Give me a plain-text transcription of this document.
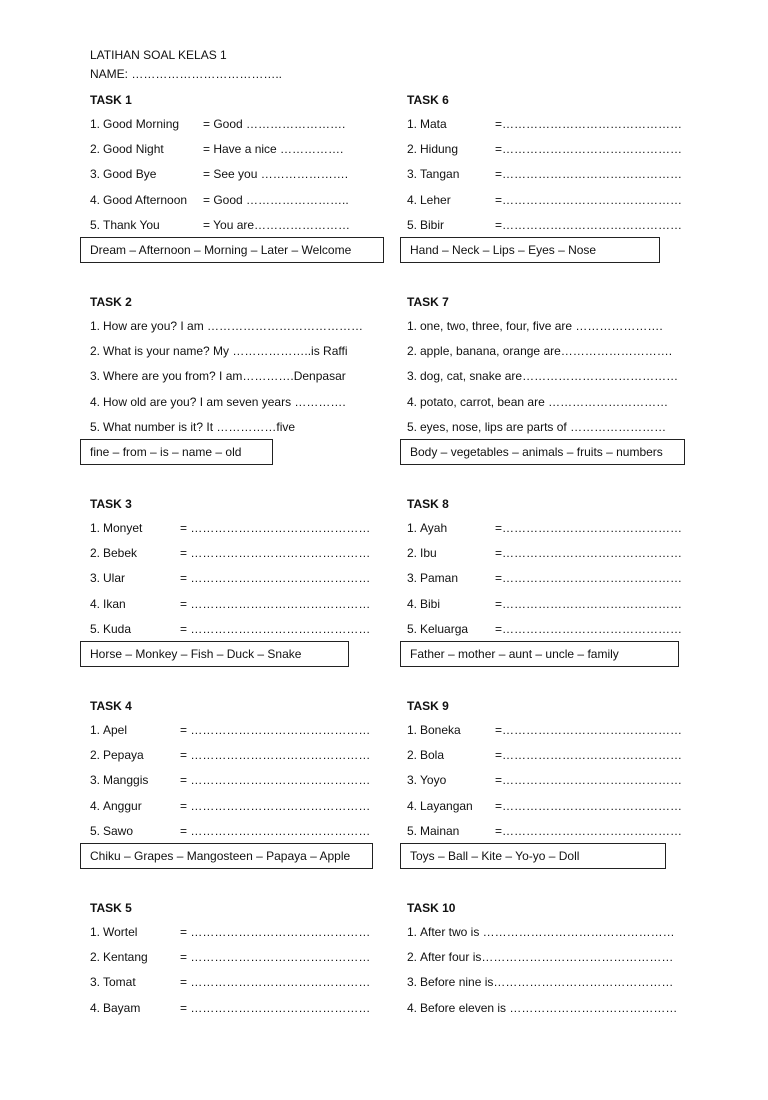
LATIHAN SOAL KELAS 1
NAME: ………………………………..
TASK 1
1. Good Morning = Good …………………….
2. Good Night	= Have a nice …………….
3. Good Bye	= See you ………………….
4. Good Afternoon = Good ……………………..
5. Thank You	= You are……………………
Dream – Afternoon – Morning – Later – Welcome
TASK 2
1. How are you? I am …………………………………
2. What is your name? My ………………..is Raffi
3. Where are you from? I am………….Denpasar
4. How old are you? I am seven years ………….
5. What number is it? It ……………five
fine – from – is – name – old
TASK 3
1. Monyet	= ………………………………………
2. Bebek	= ………………………………………
3. Ular	= ………………………………………
4. Ikan	= ………………………………………
5. Kuda	= ………………………………………
Horse – Monkey – Fish – Duck – Snake
TASK 4
1. Apel	= ………………………………………
2. Pepaya	= ………………………………………
3. Manggis	= ………………………………………
4. Anggur	= ………………………………………
5. Sawo	= ………………………………………
Chiku – Grapes – Mangosteen – Papaya – Apple
TASK 5
1. Wortel	= ………………………………………
2. Kentang	= ………………………………………
3. Tomat	= ………………………………………
4. Bayam	= ………………………………………
TASK 6
1. Mata	=………………………………………
2. Hidung	=………………………………………
3. Tangan	=………………………………………
4. Leher	=………………………………………
5. Bibir	=………………………………………
Hand – Neck – Lips – Eyes – Nose
TASK 7
1. one, two, three, four, five are ………………….
2. apple, banana, orange are……………………….
3. dog, cat, snake are…………………………………
4. potato, carrot, bean are …………………………
5. eyes, nose, lips are parts of ……………………
Body – vegetables – animals – fruits – numbers
TASK 8
1. Ayah	=………………………………………
2. Ibu	=………………………………………
3. Paman	=………………………………………
4. Bibi	=………………………………………
5. Keluarga =………………………………………
Father – mother – aunt – uncle – family
TASK 9
1. Boneka	=………………………………………
2. Bola	=………………………………………
3. Yoyo	=………………………………………
4. Layangan =………………………………………
5. Mainan	=………………………………………
Toys – Ball – Kite – Yo-yo – Doll
TASK 10
1. After two is …………………………………………
2. After four is…………………………………………
3. Before nine is………………………………………
4. Before eleven is ……………………………………
